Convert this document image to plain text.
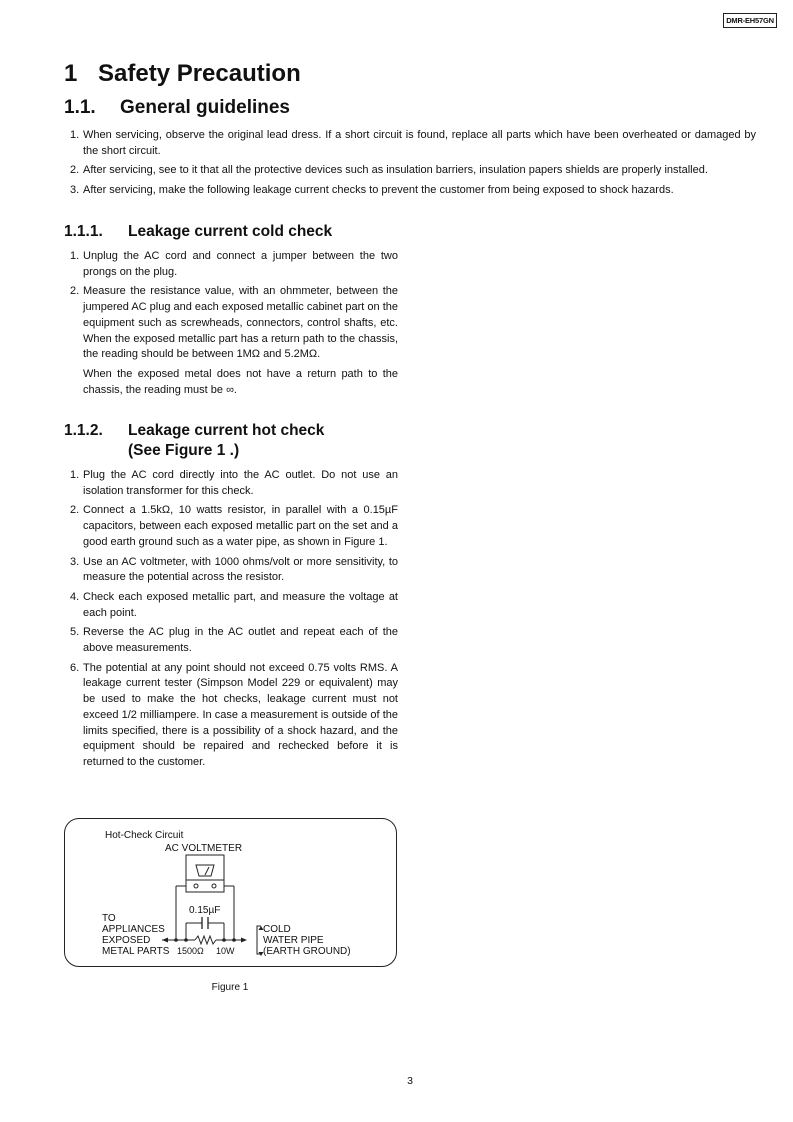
DMR-EH57GN
1 Safety Precaution
1.1. General guidelines
1. When servicing, observe the original lead dress. If a short circuit is found, replace all parts which have been overheated or damaged by the short circuit.
2. After servicing, see to it that all the protective devices such as insulation barriers, insulation papers shields are properly installed.
3. After servicing, make the following leakage current checks to prevent the customer from being exposed to shock hazards.
1.1.1. Leakage current cold check
1. Unplug the AC cord and connect a jumper between the two prongs on the plug.
2. Measure the resistance value, with an ohmmeter, between the jumpered AC plug and each exposed metallic cabinet part on the equipment such as screwheads, connectors, control shafts, etc. When the exposed metallic part has a return path to the chassis, the reading should be between 1MΩ and 5.2MΩ.

When the exposed metal does not have a return path to the chassis, the reading must be ∞.

1.1.2. Leakage current hot check
(See Figure 1 .)
1. Plug the AC cord directly into the AC outlet. Do not use an isolation transformer for this check.
2. Connect a 1.5kΩ, 10 watts resistor, in parallel with a 0.15µF capacitors, between each exposed metallic part on the set and a good earth ground such as a water pipe, as shown in Figure 1.
3. Use an AC voltmeter, with 1000 ohms/volt or more sensitivity, to measure the potential across the resistor.
4. Check each exposed metallic part, and measure the voltage at each point.
5. Reverse the AC plug in the AC outlet and repeat each of the above measurements.
6. The potential at any point should not exceed 0.75 volts RMS. A leakage current tester (Simpson Model 229 or equivalent) may be used to make the hot checks, leakage current must not exceed 1/2 milliampere. In case a measurement is outside of the limits specified, there is a possibility of a shock hazard, and the equipment should be repaired and rechecked before it is returned to the customer.
Hot-Check Circuit
AC VOLTMETER
0.15µF
TO
APPLIANCES
EXPOSED
METAL PARTS 1500Ω 10W
COLD
WATER PIPE
(EARTH GROUND)
Figure 1
3
